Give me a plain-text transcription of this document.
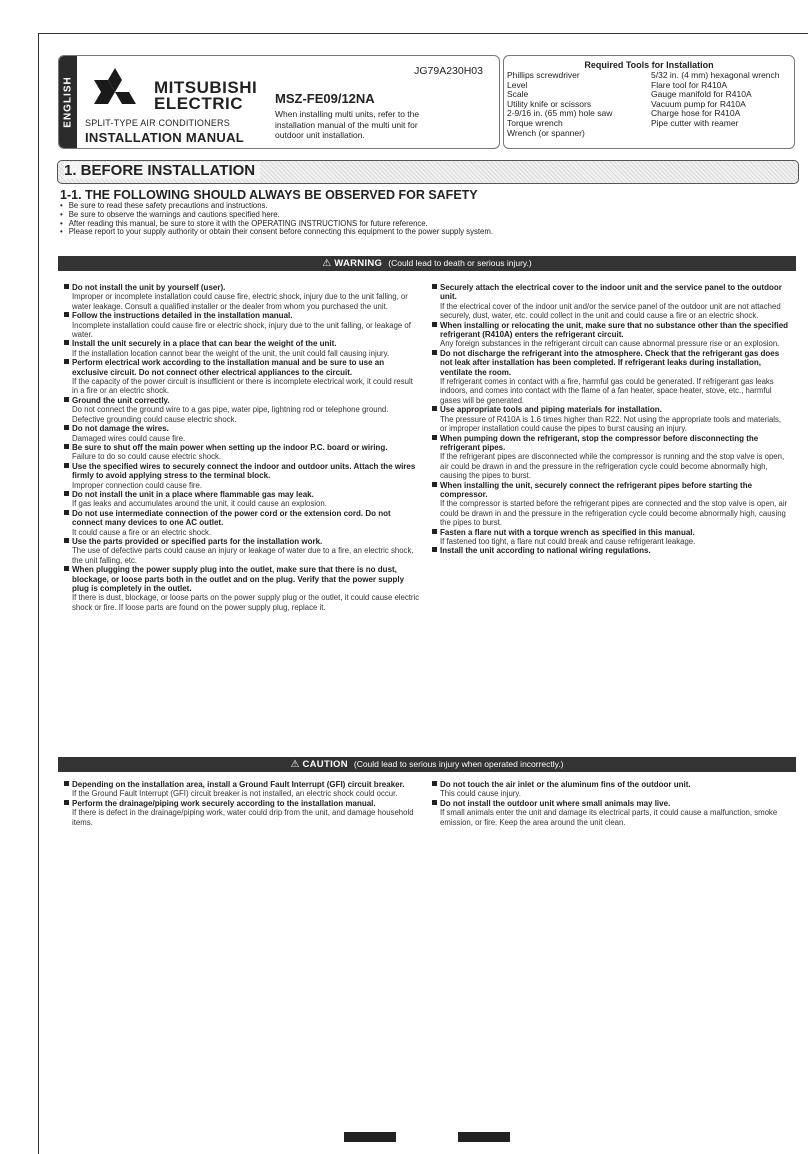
ENGLISH	MITSUBISHI
ELECTRIC
SPLIT-TYPE AIR CONDITIONERS
INSTALLATION MANUAL
JG79A230H03
MSZ-FE09/12NA
When installing multi units, refer to the installation manual of the multi unit for outdoor unit installation.
Required Tools for Installation
Phillips screwdriver
Level
Scale
Utility knife or scissors
2-9/16 in. (65 mm) hole saw
Torque wrench
Wrench (or spanner)
5/32 in. (4 mm) hexagonal wrench
Flare tool for R410A
Gauge manifold for R410A
Vacuum pump for R410A
Charge hose for R410A
Pipe cutter with reamer
1. BEFORE INSTALLATION
1-1. THE FOLLOWING SHOULD ALWAYS BE OBSERVED FOR SAFETY
• Be sure to read these safety precautions and instructions.
• Be sure to observe the warnings and cautions specified here.
• After reading this manual, be sure to store it with the OPERATING INSTRUCTIONS for future reference.
• Please report to your supply authority or obtain their consent before connecting this equipment to the power supply system.
⚠ WARNING (Could lead to death or serious injury.)
Do not install the unit by yourself (user).
Improper or incomplete installation could cause fire, electric shock, injury due to the unit falling, or water leakage. Consult a qualified installer or the dealer from whom you purchased the unit.
Follow the instructions detailed in the installation manual.
Incomplete installation could cause fire or electric shock, injury due to the unit falling, or leakage of water.
Install the unit securely in a place that can bear the weight of the unit.
If the installation location cannot bear the weight of the unit, the unit could fall causing injury.
Perform electrical work according to the installation manual and be sure to use an exclusive circuit. Do not connect other electrical appliances to the circuit.
If the capacity of the power circuit is insufficient or there is incomplete electrical work, it could result in a fire or an electric shock.
Ground the unit correctly.
Do not connect the ground wire to a gas pipe, water pipe, lightning rod or telephone ground. Defective grounding could cause electric shock.
Do not damage the wires.
Damaged wires could cause fire.
Be sure to shut off the main power when setting up the indoor P.C. board or wiring.
Failure to do so could cause electric shock.
Use the specified wires to securely connect the indoor and outdoor units. Attach the wires firmly to avoid applying stress to the terminal block.
Improper connection could cause fire.
Do not install the unit in a place where flammable gas may leak.
If gas leaks and accumulates around the unit, it could cause an explosion.
Do not use intermediate connection of the power cord or the extension cord. Do not connect many devices to one AC outlet.
It could cause a fire or an electric shock.
Use the parts provided or specified parts for the installation work.
The use of defective parts could cause an injury or leakage of water due to a fire, an electric shock, the unit falling, etc.
When plugging the power supply plug into the outlet, make sure that there is no dust, blockage, or loose parts both in the outlet and on the plug. Verify that the power supply plug is completely in the outlet.
If there is dust, blockage, or loose parts on the power supply plug or the outlet, it could cause electric shock or fire. If loose parts are found on the power supply plug, replace it.
Securely attach the electrical cover to the indoor unit and the service panel to the outdoor unit.
If the electrical cover of the indoor unit and/or the service panel of the outdoor unit are not attached securely, dust, water, etc. could collect in the unit and could cause a fire or an electric shock.
When installing or relocating the unit, make sure that no substance other than the specified refrigerant (R410A) enters the refrigerant circuit.
Any foreign substances in the refrigerant circuit can cause abnormal pressure rise or an explosion.
Do not discharge the refrigerant into the atmosphere. Check that the refrigerant gas does not leak after installation has been completed. If refrigerant leaks during installation, ventilate the room.
If refrigerant comes in contact with a fire, harmful gas could be generated. If refrigerant gas leaks indoors, and comes into contact with the flame of a fan heater, space heater, stove, etc., harmful gases will be generated.
Use appropriate tools and piping materials for installation.
The pressure of R410A is 1.6 times higher than R22. Not using the appropriate tools and materials, or improper installation could cause the pipes to burst causing an injury.
When pumping down the refrigerant, stop the compressor before disconnecting the refrigerant pipes.
If the refrigerant pipes are disconnected while the compressor is running and the stop valve is open, air could be drawn in and the pressure in the refrigeration cycle could become abnormally high, causing the pipes to burst.
When installing the unit, securely connect the refrigerant pipes before starting the compressor.
If the compressor is started before the refrigerant pipes are connected and the stop valve is open, air could be drawn in and the pressure in the refrigeration cycle could become abnormally high, causing the pipes to burst.
Fasten a flare nut with a torque wrench as specified in this manual.
If fastened too tight, a flare nut could break and cause refrigerant leakage.
Install the unit according to national wiring regulations.
⚠ CAUTION (Could lead to serious injury when operated incorrectly.)
Depending on the installation area, install a Ground Fault Interrupt (GFI) circuit breaker.
If the Ground Fault Interrupt (GFI) circuit breaker is not installed, an electric shock could occur.
Perform the drainage/piping work securely according to the installation manual.
If there is defect in the drainage/piping work, water could drip from the unit, and damage household items.
Do not touch the air inlet or the aluminum fins of the outdoor unit.
This could cause injury.
Do not install the outdoor unit where small animals may live.
If small animals enter the unit and damage its electrical parts, it could cause a malfunction, smoke emission, or fire. Keep the area around the unit clean.
